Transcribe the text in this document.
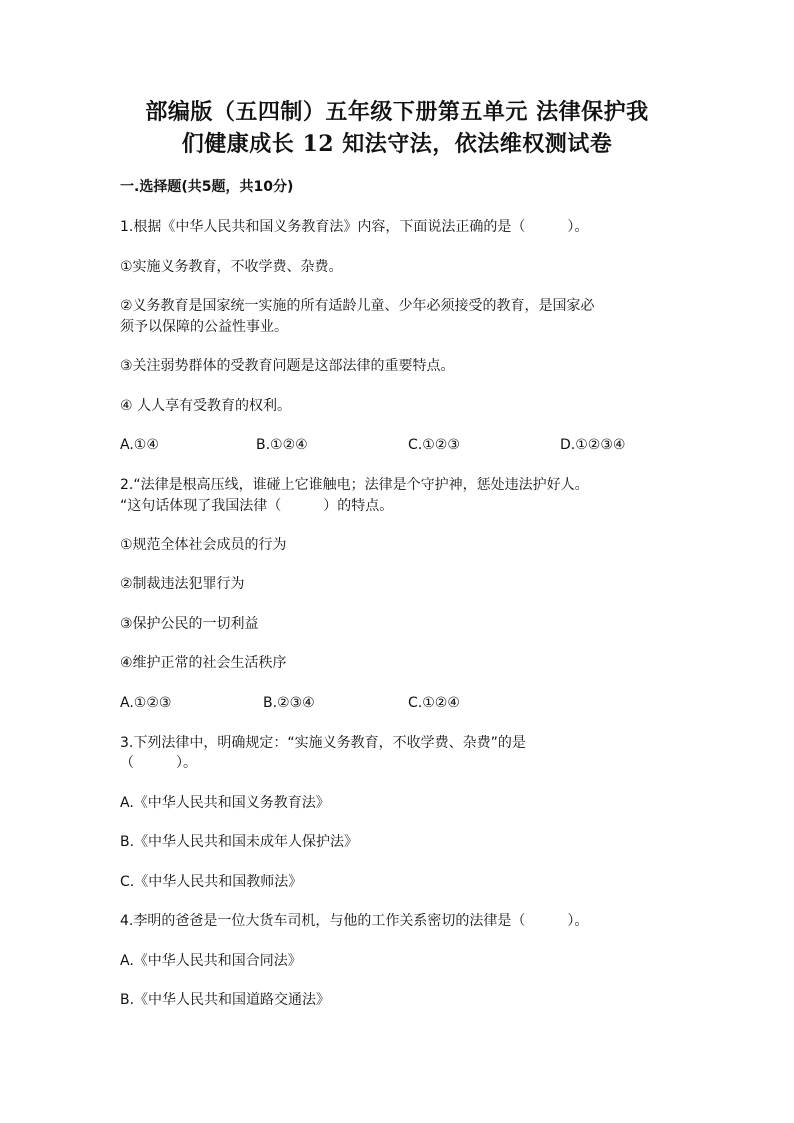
部编版（五四制）五年级下册第五单元 法律保护我
们健康成长 12 知法守法，依法维权测试卷
一.选择题(共5题，共10分)
1.根据《中华人民共和国义务教育法》内容，下面说法正确的是（　　　）。
①实施义务教育，不收学费、杂费。
②义务教育是国家统一实施的所有适龄儿童、少年必须接受的教育，是国家必
须予以保障的公益性事业。
③关注弱势群体的受教育问题是这部法律的重要特点。
④ 人人享有受教育的权利。
A.①④	B.①②④	C.①②③	D.①②③④
2.“法律是根高压线，谁碰上它谁触电；法律是个守护神，惩处违法护好人。
“这句话体现了我国法律（　　　）的特点。
①规范全体社会成员的行为
②制裁违法犯罪行为
③保护公民的一切利益
④维护正常的社会生活秩序
A.①②③	B.②③④	C.①②④
3.下列法律中，明确规定：“实施义务教育，不收学费、杂费”的是
（　　　）。
A.《中华人民共和国义务教育法》
B.《中华人民共和国未成年人保护法》
C.《中华人民共和国教师法》
4.李明的爸爸是一位大货车司机，与他的工作关系密切的法律是（　　　）。
A.《中华人民共和国合同法》
B.《中华人民共和国道路交通法》
